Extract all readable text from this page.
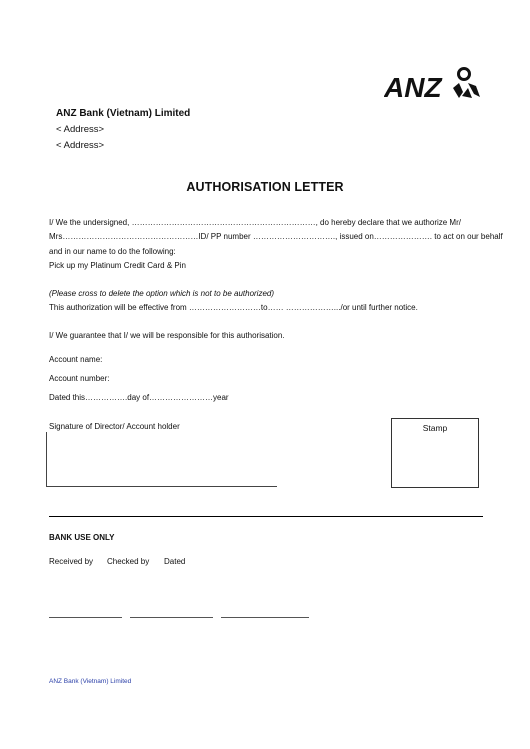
ANZ
ANZ Bank (Vietnam) Limited
< Address>
< Address>
AUTHORISATION LETTER
I/ We the undersigned, ……………………………………………………………, do hereby declare that we authorize Mr/
Mrs……………………………………………ID/ PP number …………………………., issued on…………………. to act on our behalf
and in our name to do the following:
Pick up my Platinum Credit Card & Pin
(Please cross to delete the option which is not to be authorized)
This authorization will be effective from ………………………to…… ……………….../or until further notice.
I/ We guarantee that I/ we will be responsible for this authorisation.
Account name:
Account number:
Dated this…………….day of……………………year
Signature of Director/ Account holder	Stamp
BANK USE ONLY
Received by Checked by Dated
ANZ Bank (Vietnam) Limited
